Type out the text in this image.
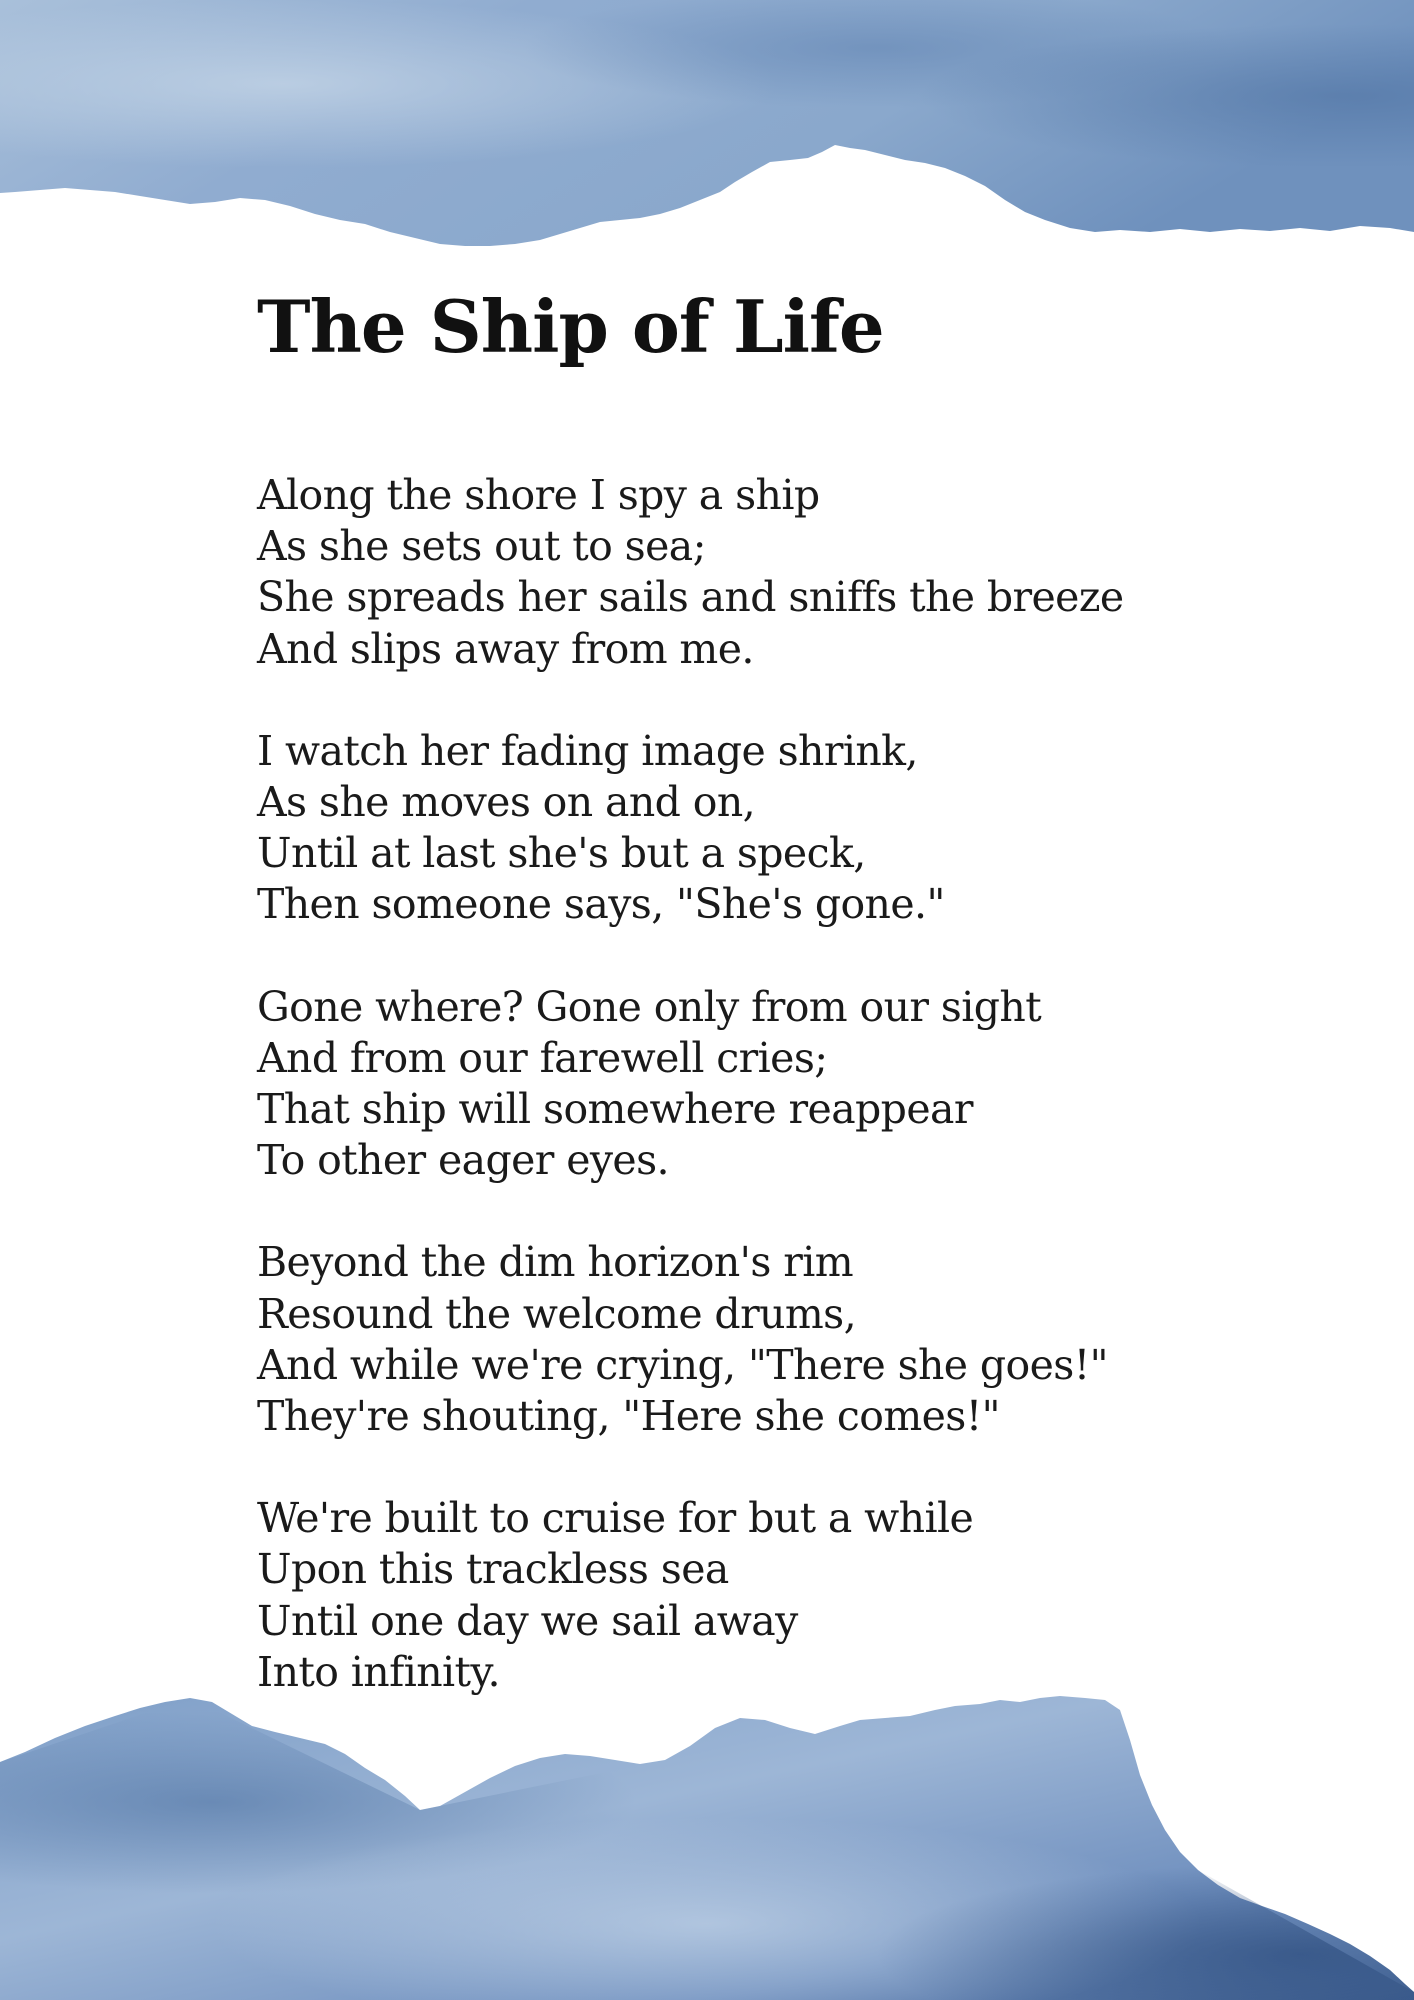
The Ship of Life
Along the shore I spy a ship
As she sets out to sea;
She spreads her sails and sniffs the breeze
And slips away from me.
I watch her fading image shrink,
As she moves on and on,
Until at last she's but a speck,
Then someone says, "She's gone."
Gone where? Gone only from our sight
And from our farewell cries;
That ship will somewhere reappear
To other eager eyes.
Beyond the dim horizon's rim
Resound the welcome drums,
And while we're crying, "There she goes!"
They're shouting, "Here she comes!"
We're built to cruise for but a while
Upon this trackless sea
Until one day we sail away
Into infinity.
